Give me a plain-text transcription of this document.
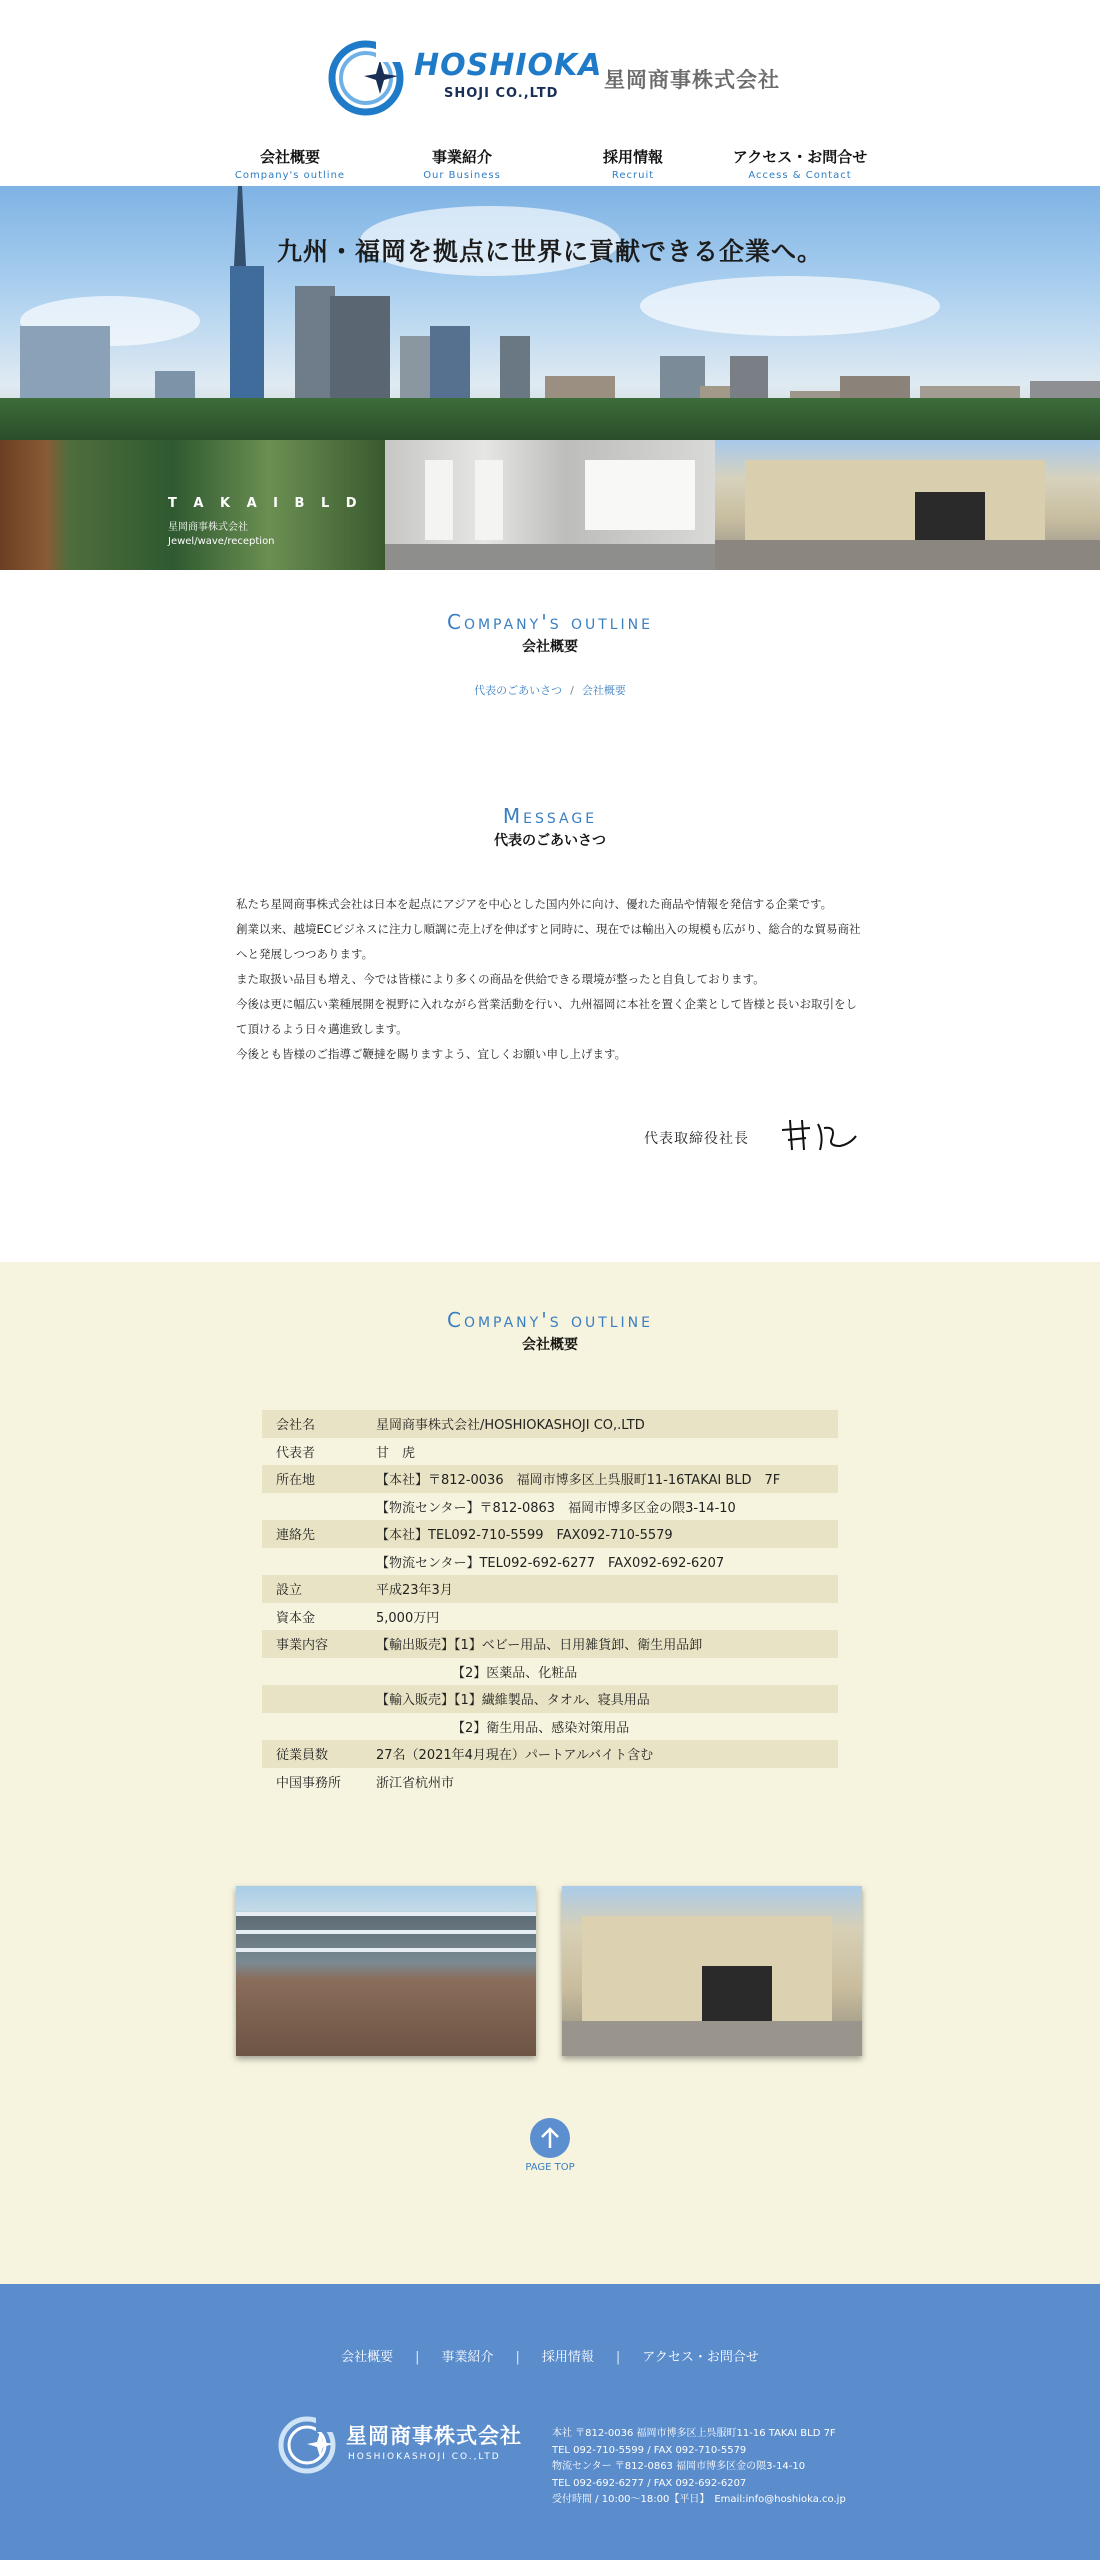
HOSHIOKA
SHOJI CO.,LTD
星岡商事株式会社
会社概要
Company's outline
事業紹介
Our Business
採用情報
Recruit
アクセス・お問合せ
Access & Contact
九州・福岡を拠点に世界に貢献できる企業へ。
T A K A I B L D
星岡商事株式会社
Jewel/wave/reception
Company's outline
会社概要
代表のごあいさつ / 会社概要
Message
代表のごあいさつ

私たち星岡商事株式会社は日本を起点にアジアを中心とした国内外に向け、優れた商品や情報を発信する企業です。

創業以来、越境ECビジネスに注力し順調に売上げを伸ばすと同時に、現在では輸出入の規模も広がり、総合的な貿易商社へと発展しつつあります。

また取扱い品目も増え、今では皆様により多くの商品を供給できる環境が整ったと自負しております。

今後は更に幅広い業種展開を視野に入れながら営業活動を行い、九州福岡に本社を置く企業として皆様と長いお取引をして頂けるよう日々邁進致します。

今後とも皆様のご指導ご鞭撻を賜りますよう、宜しくお願い申し上げます。

代表取締役社長
Company's outline
会社概要
会社名	星岡商事株式会社/HOSHIOKASHOJI CO,.LTD
代表者	甘　虎
所在地	【本社】〒812-0036　福岡市博多区上呉服町11-16TAKAI BLD　7F
	【物流センター】〒812-0863　福岡市博多区金の隈3-14-10
連絡先	【本社】TEL092-710-5599　FAX092-710-5579
	【物流センター】TEL092-692-6277　FAX092-692-6207
設立	平成23年3月
資本金	5,000万円
事業内容	【輸出販売】【1】ベビー用品、日用雑貨卸、衛生用品卸
	【2】医薬品、化粧品
	【輸入販売】【1】繊維製品、タオル、寝具用品
	【2】衛生用品、感染対策用品
従業員数	27名（2021年4月現在）パートアルバイト含む
中国事務所	浙江省杭州市
PAGE TOP
会社概要 | 事業紹介 | 採用情報 | アクセス・お問合せ
星岡商事株式会社
HOSHIOKASHOJI CO.,LTD
本社 〒812-0036 福岡市博多区上呉服町11-16 TAKAI BLD 7F
TEL 092-710-5599 / FAX 092-710-5579
物流センター 〒812-0863 福岡市博多区金の隈3-14-10
TEL 092-692-6277 / FAX 092-692-6207
受付時間 / 10:00～18:00【平日】　Email:info@hoshioka.co.jp
